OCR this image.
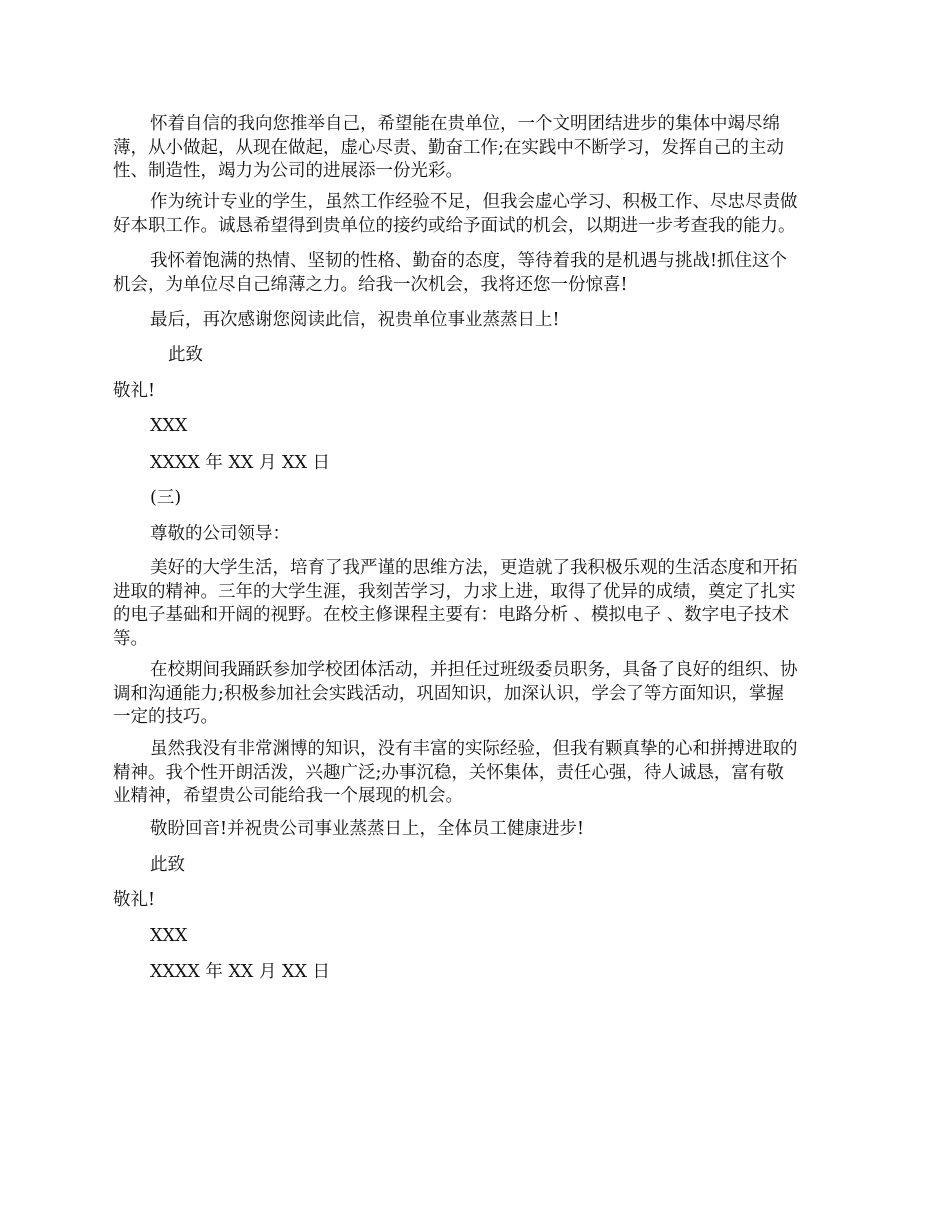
怀着自信的我向您推举自己，希望能在贵单位，一个文明团结进步的集体中竭尽绵
薄，从小做起，从现在做起，虚心尽责、勤奋工作;在实践中不断学习，发挥自己的主动
性、制造性，竭力为公司的进展添一份光彩。
作为统计专业的学生，虽然工作经验不足，但我会虚心学习、积极工作、尽忠尽责做
好本职工作。诚恳希望得到贵单位的接约或给予面试的机会，以期进一步考查我的能力。
我怀着饱满的热情、坚韧的性格、勤奋的态度，等待着我的是机遇与挑战!抓住这个
机会，为单位尽自己绵薄之力。给我一次机会，我将还您一份惊喜!
最后，再次感谢您阅读此信，祝贵单位事业蒸蒸日上!
此致
敬礼!
XXX
XXXX 年 XX 月 XX 日
(三)
尊敬的公司领导：
美好的大学生活，培育了我严谨的思维方法，更造就了我积极乐观的生活态度和开拓
进取的精神。三年的大学生涯，我刻苦学习，力求上进，取得了优异的成绩，奠定了扎实
的电子基础和开阔的视野。在校主修课程主要有：电路分析 、模拟电子 、数字电子技术
等。
在校期间我踊跃参加学校团体活动，并担任过班级委员职务，具备了良好的组织、协
调和沟通能力;积极参加社会实践活动，巩固知识，加深认识，学会了等方面知识，掌握
一定的技巧。
虽然我没有非常渊博的知识，没有丰富的实际经验，但我有颗真挚的心和拼搏进取的
精神。我个性开朗活泼，兴趣广泛;办事沉稳，关怀集体，责任心强，待人诚恳，富有敬
业精神，希望贵公司能给我一个展现的机会。
敬盼回音!并祝贵公司事业蒸蒸日上，全体员工健康进步!
此致
敬礼!
XXX
XXXX 年 XX 月 XX 日
